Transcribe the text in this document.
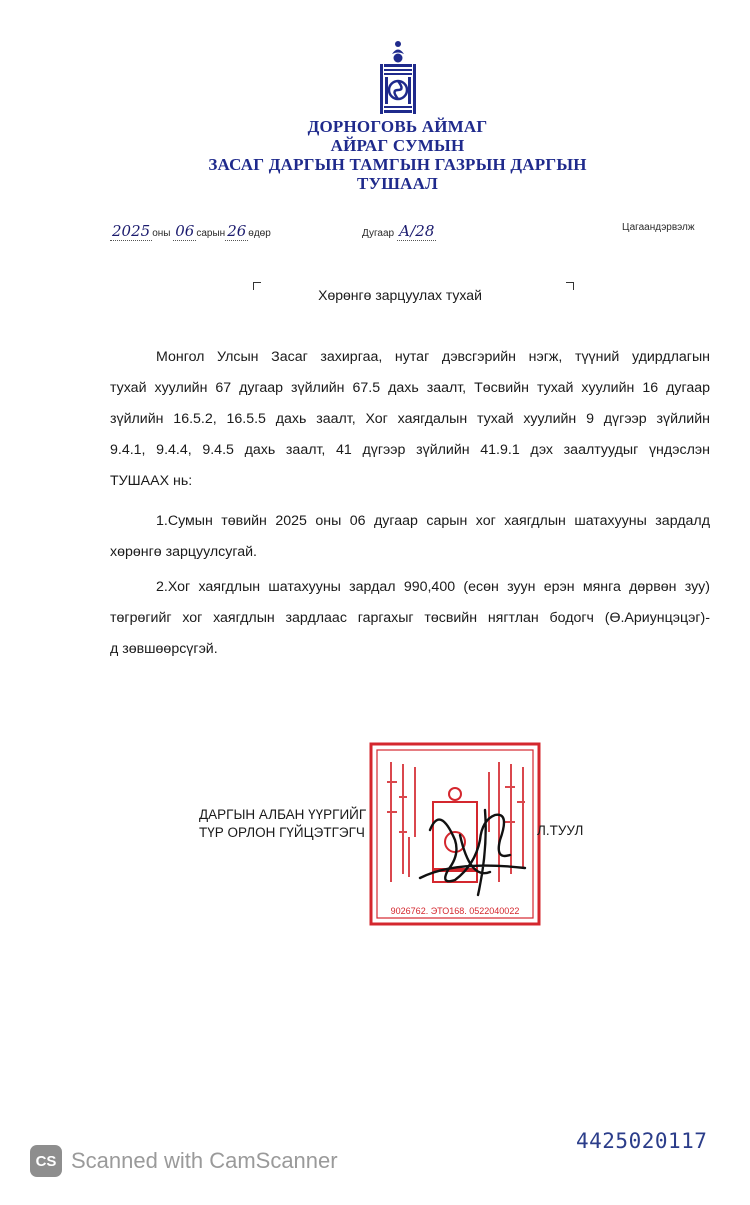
ДОРНОГОВЬ АЙМАГ
АЙРАГ СУМЫН
ЗАСАГ ДАРГЫН ТАМГЫН ГАЗРЫН ДАРГЫН
ТУШААЛ
2025 оны 06 сарын 26 өдөр	Дугаар А/28	Цагаандэрвэлж
Хөрөнгө зарцуулах тухай
Монгол Улсын Засаг захиргаа, нутаг дэвсгэрийн нэгж, түүний удирдлагын
тухай хуулийн 67 дугаар зүйлийн 67.5 дахь заалт, Төсвийн тухай хуулийн 16 дугаар
зүйлийн 16.5.2, 16.5.5 дахь заалт, Хог хаягдалын тухай хуулийн 9 дүгээр зүйлийн
9.4.1, 9.4.4, 9.4.5 дахь заалт, 41 дүгээр зүйлийн 41.9.1 дэх заалтуудыг үндэслэн
ТУШААХ нь:
1.Сумын төвийн 2025 оны 06 дугаар сарын хог хаягдлын шатахууны зардалд
хөрөнгө зарцуулсугай.
2.Хог хаягдлын шатахууны зардал 990,400 (есөн зуун ерэн мянга дөрвөн зуу)
төгрөгийг хог хаягдлын зардлаас гаргахыг төсвийн нягтлан бодогч (Ө.Ариунцэцэг)-
д зөвшөөрсүгэй.
9026762. ЭТО168. 0522040022
ДАРГЫН АЛБАН ҮҮРГИЙГ
ТҮР ОРЛОН ГҮЙЦЭТГЭГЧ	Л.ТУУЛ
4425020117
CS Scanned with CamScanner
